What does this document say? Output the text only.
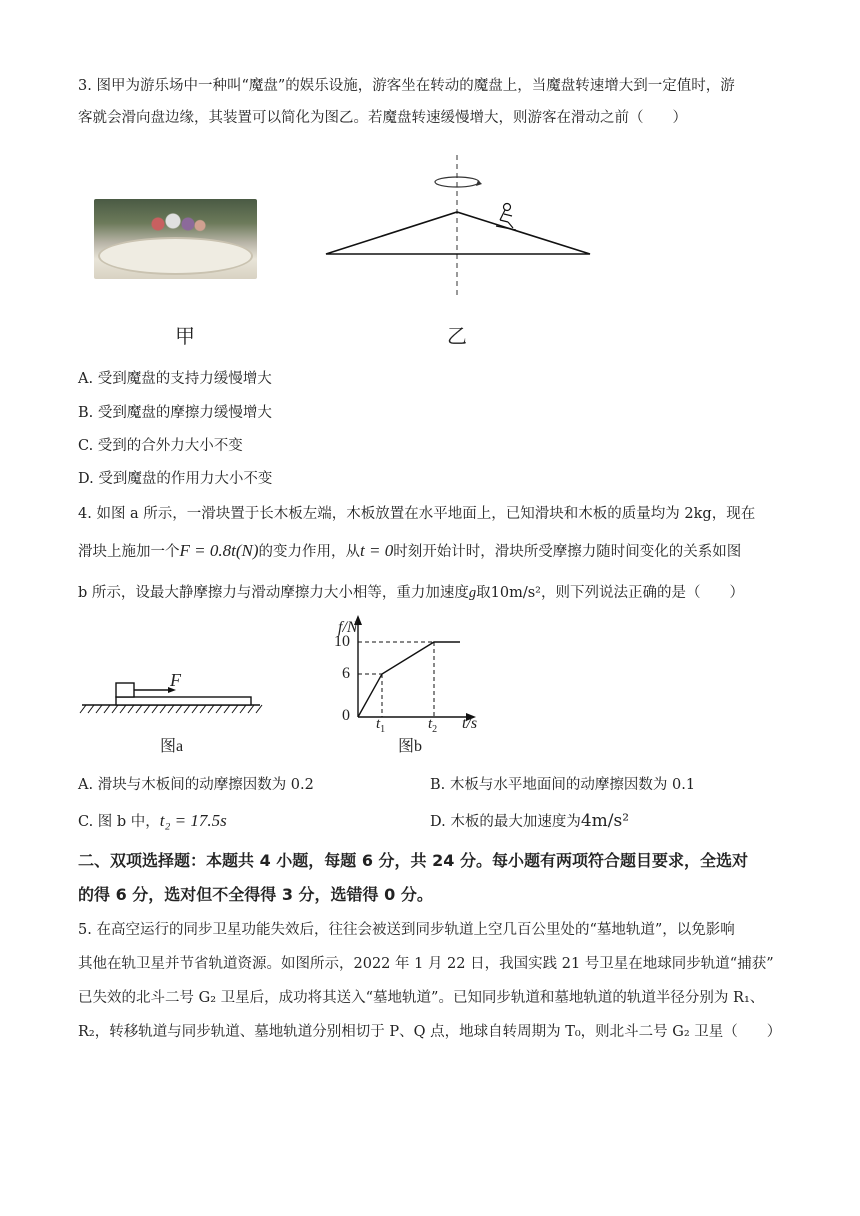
3. 图甲为游乐场中一种叫“魔盘”的娱乐设施，游客坐在转动的魔盘上，当魔盘转速增大到一定值时，游
客就会滑向盘边缘，其装置可以简化为图乙。若魔盘转速缓慢增大，则游客在滑动之前（　　）
甲	乙
A. 受到魔盘的支持力缓慢增大
B. 受到魔盘的摩擦力缓慢增大
C. 受到的合外力大小不变
D. 受到魔盘的作用力大小不变
4. 如图 a 所示，一滑块置于长木板左端，木板放置在水平地面上，已知滑块和木板的质量均为 2kg，现在
滑块上施加一个F = 0.8t(N)的变力作用，从t = 0时刻开始计时，滑块所受摩擦力随时间变化的关系如图
b 所示，设最大静摩擦力与滑动摩擦力大小相等，重力加速度g取10m/s²，则下列说法正确的是（　　）
F
图a
f/N
10
6
0 $t_1$	$t_2$ t/s
图b
A. 滑块与木板间的动摩擦因数为 0.2	B. 木板与水平地面间的动摩擦因数为 0.1
C. 图 b 中，t₂ = 17.5s	D. 木板的最大加速度为4m/s²
二、双项选择题：本题共 4 小题，每题 6 分，共 24 分。每小题有两项符合题目要求，全选对
的得 6 分，选对但不全得得 3 分，选错得 0 分。
5. 在高空运行的同步卫星功能失效后，往往会被送到同步轨道上空几百公里处的“墓地轨道”，以免影响
其他在轨卫星并节省轨道资源。如图所示，2022 年 1 月 22 日，我国实践 21 号卫星在地球同步轨道“捕获”
已失效的北斗二号 G₂ 卫星后，成功将其送入“墓地轨道”。已知同步轨道和墓地轨道的轨道半径分别为 R₁、
R₂，转移轨道与同步轨道、墓地轨道分别相切于 P、Q 点，地球自转周期为 T₀，则北斗二号 G₂ 卫星（　　）
